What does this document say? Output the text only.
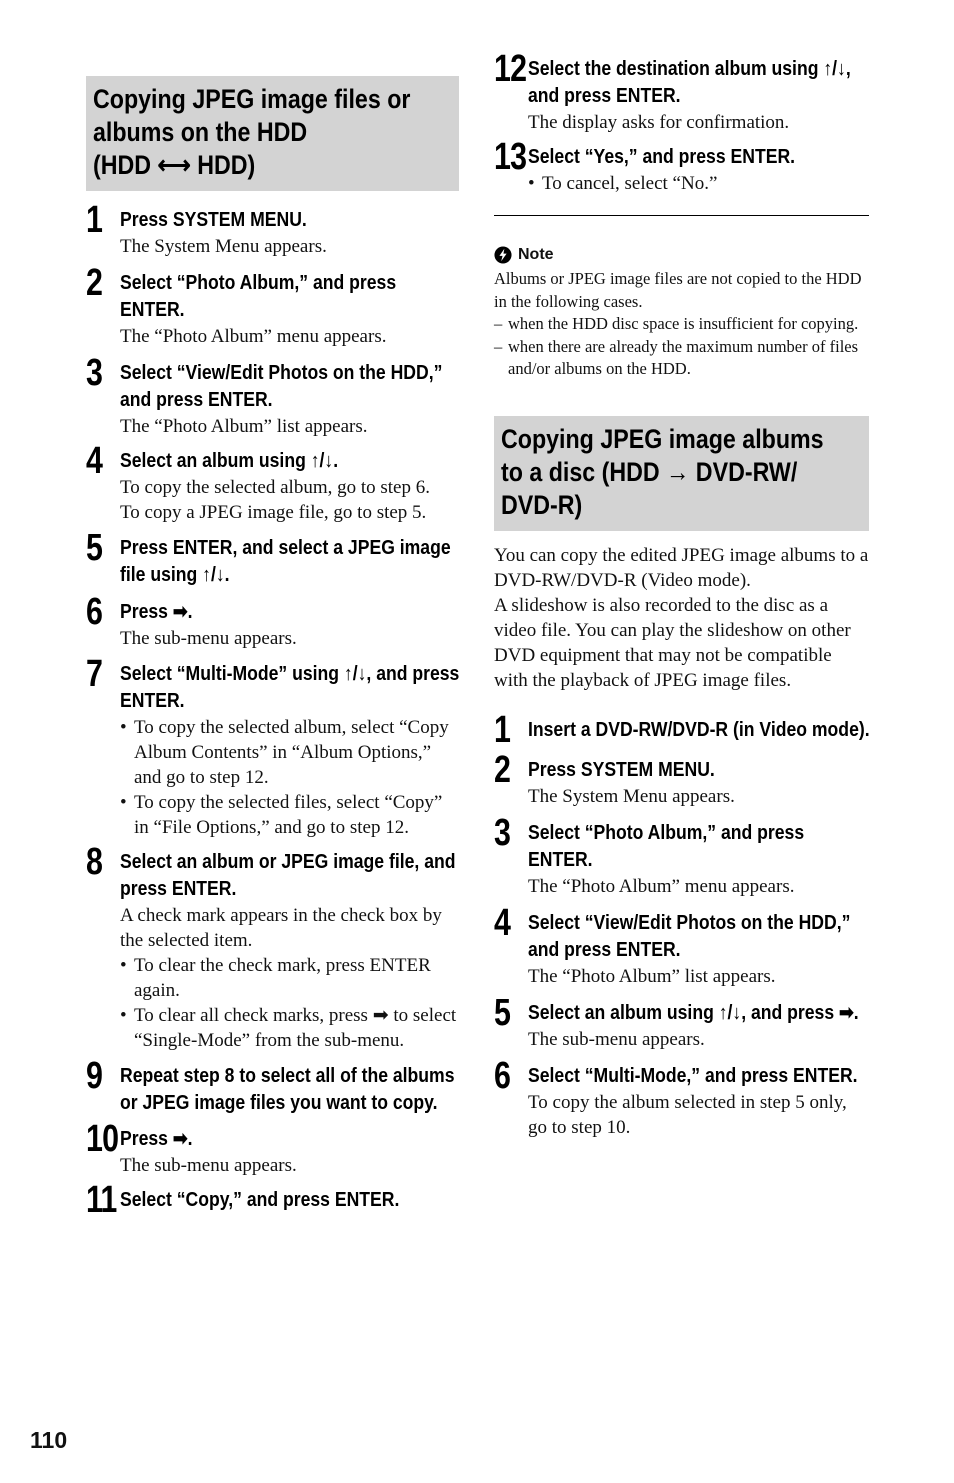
Copying JPEG image files or
albums on the HDD
(HDD ⟷ HDD)
1 Press SYSTEM MENU.
The System Menu appears.
2 Select “Photo Album,” and press ENTER.
The “Photo Album” menu appears.
3 Select “View/Edit Photos on the HDD,” and press ENTER.
The “Photo Album” list appears.
4 Select an album using ↑/↓.
To copy the selected album, go to step 6.
To copy a JPEG image file, go to step 5.
5 Press ENTER, and select a JPEG image file using ↑/↓.
6 Press ➡.
The sub-menu appears.
7 Select “Multi-Mode” using ↑/↓, and press ENTER.
• To copy the selected album, select “Copy Album Contents” in “Album Options,” and go to step 12.
• To copy the selected files, select “Copy” in “File Options,” and go to step 12.
8 Select an album or JPEG image file, and press ENTER.
A check mark appears in the check box by the selected item.
• To clear the check mark, press ENTER again.
• To clear all check marks, press ➡ to select “Single-Mode” from the sub-menu.
9 Repeat step 8 to select all of the albums or JPEG image files you want to copy.
10 Press ➡.
The sub-menu appears.
11 Select “Copy,” and press ENTER.
12 Select the destination album using ↑/↓, and press ENTER.
The display asks for confirmation.
13 Select “Yes,” and press ENTER.
• To cancel, select “No.”
Note
Albums or JPEG image files are not copied to the HDD in the following cases.
– when the HDD disc space is insufficient for copying.
– when there are already the maximum number of files and/or albums on the HDD.
Copying JPEG image albums
to a disc (HDD → DVD-RW/
DVD-R)
You can copy the edited JPEG image albums to a DVD-RW/DVD-R (Video mode).
A slideshow is also recorded to the disc as a video file. You can play the slideshow on other DVD equipment that may not be compatible with the playback of JPEG image files.
1 Insert a DVD-RW/DVD-R (in Video mode).
2 Press SYSTEM MENU.
The System Menu appears.
3 Select “Photo Album,” and press ENTER.
The “Photo Album” menu appears.
4 Select “View/Edit Photos on the HDD,” and press ENTER.
The “Photo Album” list appears.
5 Select an album using ↑/↓, and press ➡.
The sub-menu appears.
6 Select “Multi-Mode,” and press ENTER.
To copy the album selected in step 5 only, go to step 10.
110
